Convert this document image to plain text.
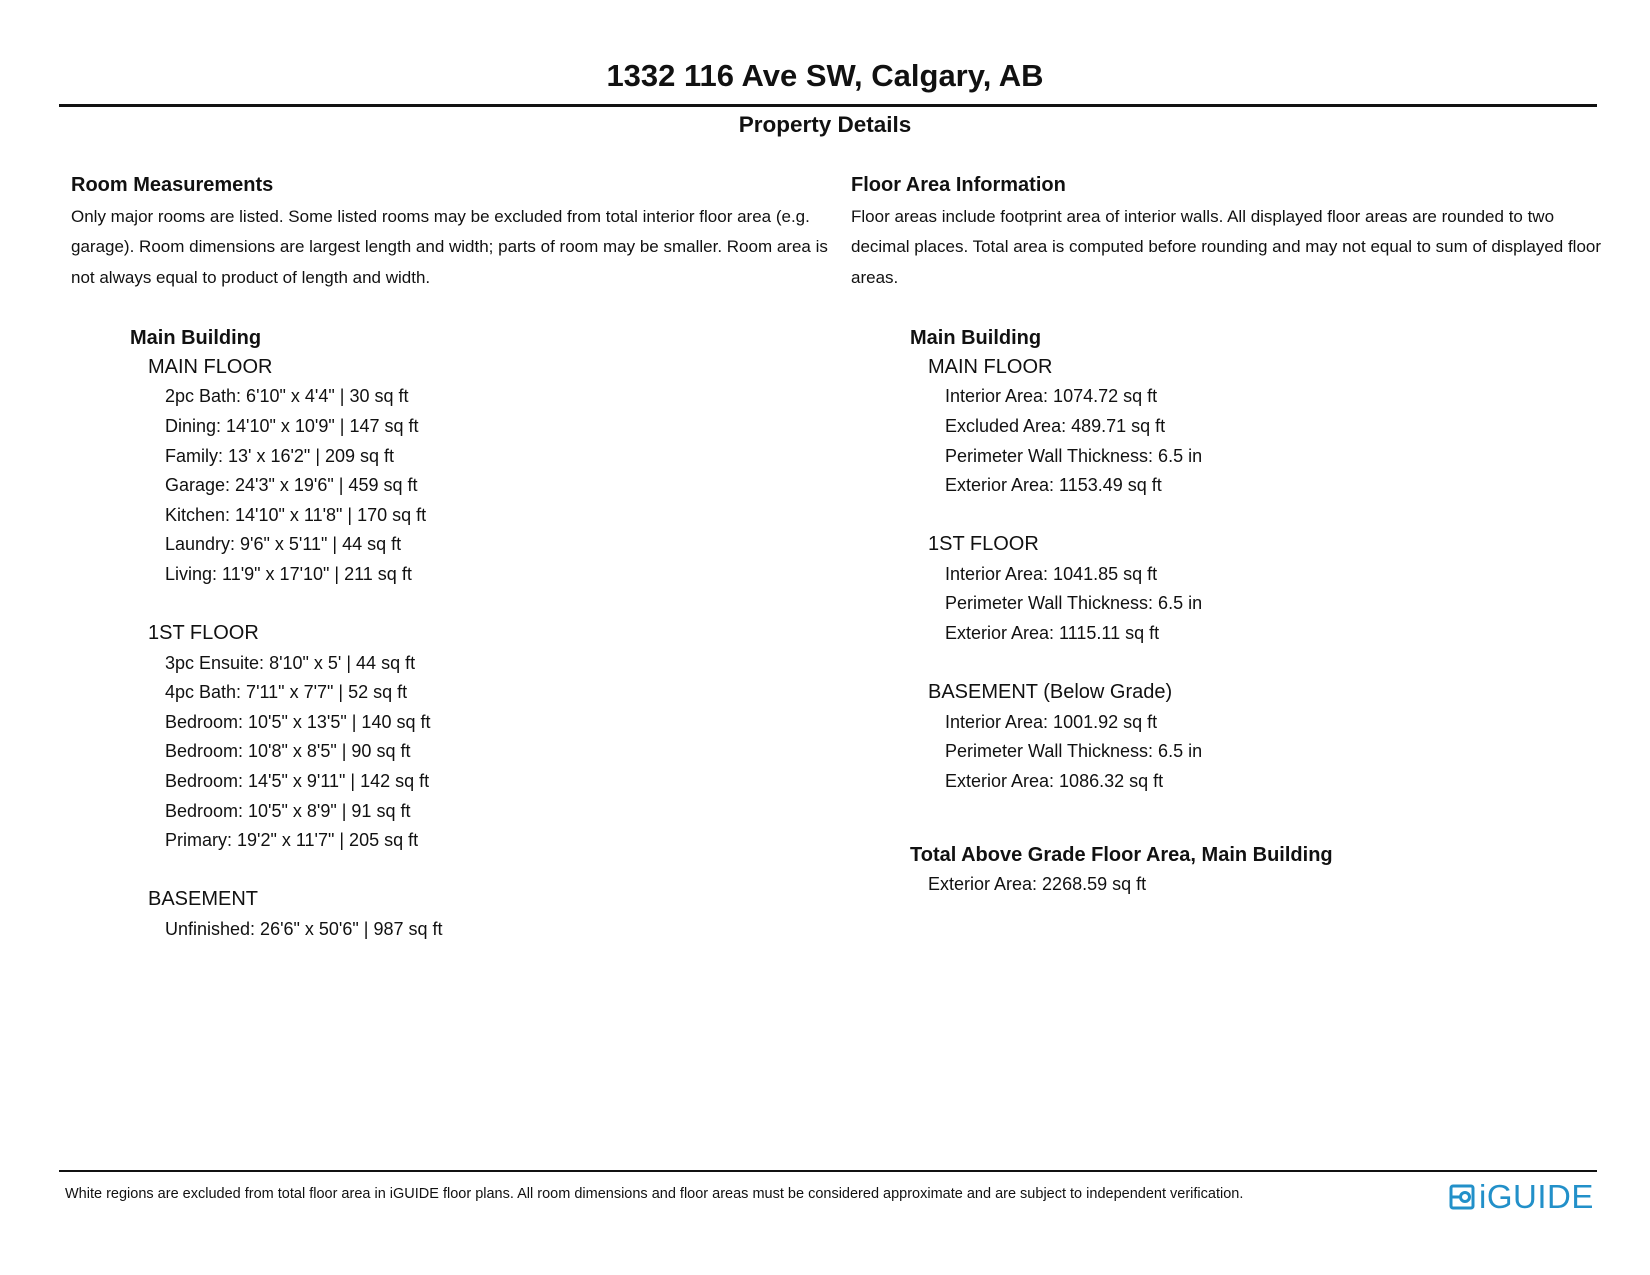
1332 116 Ave SW, Calgary, AB
Property Details

Room Measurements

Only major rooms are listed. Some listed rooms may be excluded from total interior floor area (e.g. garage). Room dimensions are largest length and width; parts of room may be smaller. Room area is not always equal to product of length and width.

Main Building

MAIN FLOOR

2pc Bath: 6'10" x 4'4" | 30 sq ft

Dining: 14'10" x 10'9" | 147 sq ft

Family: 13' x 16'2" | 209 sq ft

Garage: 24'3" x 19'6" | 459 sq ft

Kitchen: 14'10" x 11'8" | 170 sq ft

Laundry: 9'6" x 5'11" | 44 sq ft

Living: 11'9" x 17'10" | 211 sq ft

1ST FLOOR

3pc Ensuite: 8'10" x 5' | 44 sq ft

4pc Bath: 7'11" x 7'7" | 52 sq ft

Bedroom: 10'5" x 13'5" | 140 sq ft

Bedroom: 10'8" x 8'5" | 90 sq ft

Bedroom: 14'5" x 9'11" | 142 sq ft

Bedroom: 10'5" x 8'9" | 91 sq ft

Primary: 19'2" x 11'7" | 205 sq ft

BASEMENT

Unfinished: 26'6" x 50'6" | 987 sq ft

Floor Area Information

Floor areas include footprint area of interior walls. All displayed floor areas are rounded to two decimal places. Total area is computed before rounding and may not equal to sum of displayed floor areas.

Main Building

MAIN FLOOR

Interior Area: 1074.72 sq ft

Excluded Area: 489.71 sq ft

Perimeter Wall Thickness: 6.5 in

Exterior Area: 1153.49 sq ft

1ST FLOOR

Interior Area: 1041.85 sq ft

Perimeter Wall Thickness: 6.5 in

Exterior Area: 1115.11 sq ft

BASEMENT (Below Grade)

Interior Area: 1001.92 sq ft

Perimeter Wall Thickness: 6.5 in

Exterior Area: 1086.32 sq ft

Total Above Grade Floor Area, Main Building

Exterior Area: 2268.59 sq ft

White regions are excluded from total floor area in iGUIDE floor plans. All room dimensions and floor areas must be considered approximate and are subject to independent verification.	iGUIDE
